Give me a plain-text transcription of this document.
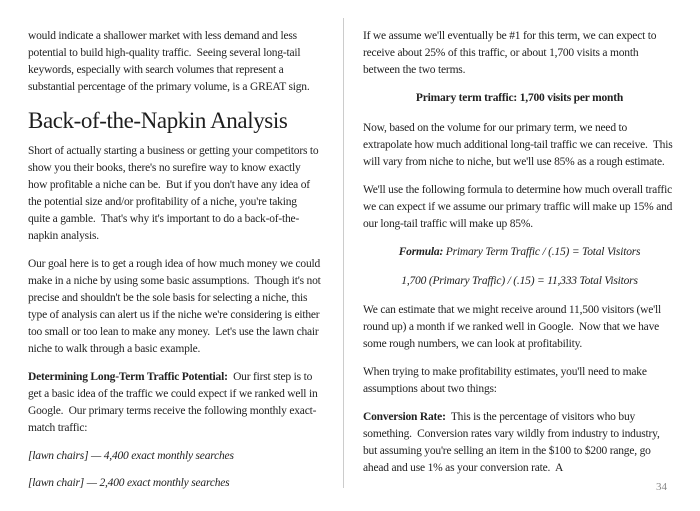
would indicate a shallower market with less demand and less potential to build high-quality traffic.  Seeing several long-tail keywords, especially with search volumes that represent a substantial percentage of the primary volume, is a GREAT sign.

Back-of-the-Napkin Analysis

Short of actually starting a business or getting your competitors to show you their books, there's no surefire way to know exactly how profitable a niche can be.  But if you don't have any idea of the potential size and/or profitability of a niche, you're taking quite a gamble.  That's why it's important to do a back-of-the-napkin analysis.

Our goal here is to get a rough idea of how much money we could make in a niche by using some basic assumptions.  Though it's not precise and shouldn't be the sole basis for selecting a niche, this type of analysis can alert us if the niche we're considering is either too small or too lean to make any money.  Let's use the lawn chair niche to walk through a basic example.

Determining Long-Term Traffic Potential:  Our first step is to get a basic idea of the traffic we could expect if we ranked well in Google.  Our primary terms receive the following monthly exact-match traffic:

[lawn chairs] — 4,400 exact monthly searches

[lawn chair] — 2,400 exact monthly searches

If we assume we'll eventually be #1 for this term, we can expect to receive about 25% of this traffic, or about 1,700 visits a month between the two terms.

Primary term traffic: 1,700 visits per month

Now, based on the volume for our primary term, we need to extrapolate how much additional long-tail traffic we can receive.  This will vary from niche to niche, but we'll use 85% as a rough estimate.

We'll use the following formula to determine how much overall traffic we can expect if we assume our primary traffic will make up 15% and our long-tail traffic will make up 85%.

Formula: Primary Term Traffic / (.15) = Total Visitors

1,700 (Primary Traffic) / (.15) = 11,333 Total Visitors

We can estimate that we might receive around 11,500 visitors (we'll round up) a month if we ranked well in Google.  Now that we have some rough numbers, we can look at profitability.

When trying to make profitability estimates, you'll need to make assumptions about two things:

Conversion Rate:  This is the percentage of visitors who buy something.  Conversion rates vary wildly from industry to industry, but assuming you're selling an item in the $100 to $200 range, go ahead and use 1% as your conversion rate.  A

34
